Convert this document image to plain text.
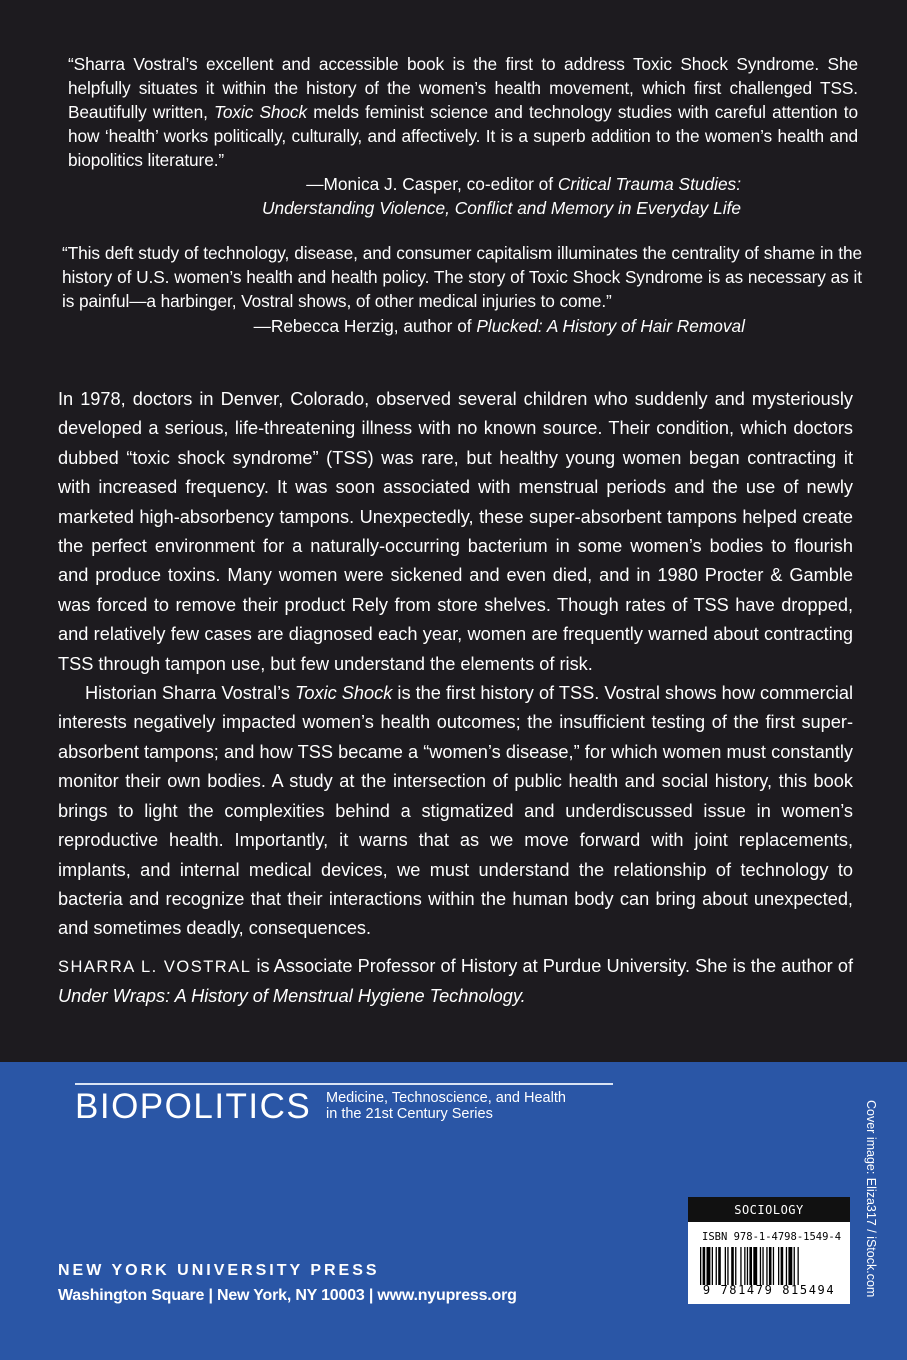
“Sharra Vostral’s excellent and accessible book is the first to address Toxic Shock Syndrome. She helpfully situates it within the history of the women’s health movement, which first challenged TSS. Beautifully written, Toxic Shock melds feminist science and technology studies with careful attention to how ‘health’ works politically, culturally, and affectively. It is a superb addition to the women’s health and biopolitics literature.”
—Monica J. Casper, co-editor of Critical Trauma Studies:
Understanding Violence, Conflict and Memory in Everyday Life
“This deft study of technology, disease, and consumer capitalism illuminates the centrality of shame in the history of U.S. women’s health and health policy. The story of Toxic Shock Syndrome is as necessary as it is painful—a harbinger, Vostral shows, of other medical injuries to come.”
—Rebecca Herzig, author of Plucked: A History of Hair Removal

In 1978, doctors in Denver, Colorado, observed several children who suddenly and mysteriously developed a serious, life-threatening illness with no known source. Their condition, which doctors dubbed “toxic shock syndrome” (TSS) was rare, but healthy young women began contracting it with increased frequency. It was soon associated with menstrual periods and the use of newly marketed high-absorbency tampons. Unexpectedly, these super-absorbent tampons helped create the perfect environment for a naturally-occurring bacterium in some women’s bodies to flourish and produce toxins. Many women were sickened and even died, and in 1980 Procter & Gamble was forced to remove their product Rely from store shelves. Though rates of TSS have dropped, and relatively few cases are diagnosed each year, women are frequently warned about contracting TSS through tampon use, but few understand the elements of risk.

Historian Sharra Vostral’s Toxic Shock is the first history of TSS. Vostral shows how commercial interests negatively impacted women’s health outcomes; the insufficient testing of the first super-absorbent tampons; and how TSS became a “women’s disease,” for which women must constantly monitor their own bodies. A study at the intersection of public health and social history, this book brings to light the complexities behind a stigmatized and underdiscussed issue in women’s reproductive health. Importantly, it warns that as we move forward with joint replacements, implants, and internal medical devices, we must understand the relationship of technology to bacteria and recognize that their interactions within the human body can bring about unexpected, and sometimes deadly, consequences.

SHARRA L. VOSTRAL is Associate Professor of History at Purdue University. She is the author of Under Wraps: A History of Menstrual Hygiene Technology.

BIOPOLITICS Medicine, Technoscience, and Health
in the 21st Century Series
NEW YORK UNIVERSITY PRESS
Washington Square | New York, NY 10003 | www.nyupress.org	Cover image: Eliza317 / iStock.com
SOCIOLOGY
ISBN 978-1-4798-1549-4
9 781479 815494
